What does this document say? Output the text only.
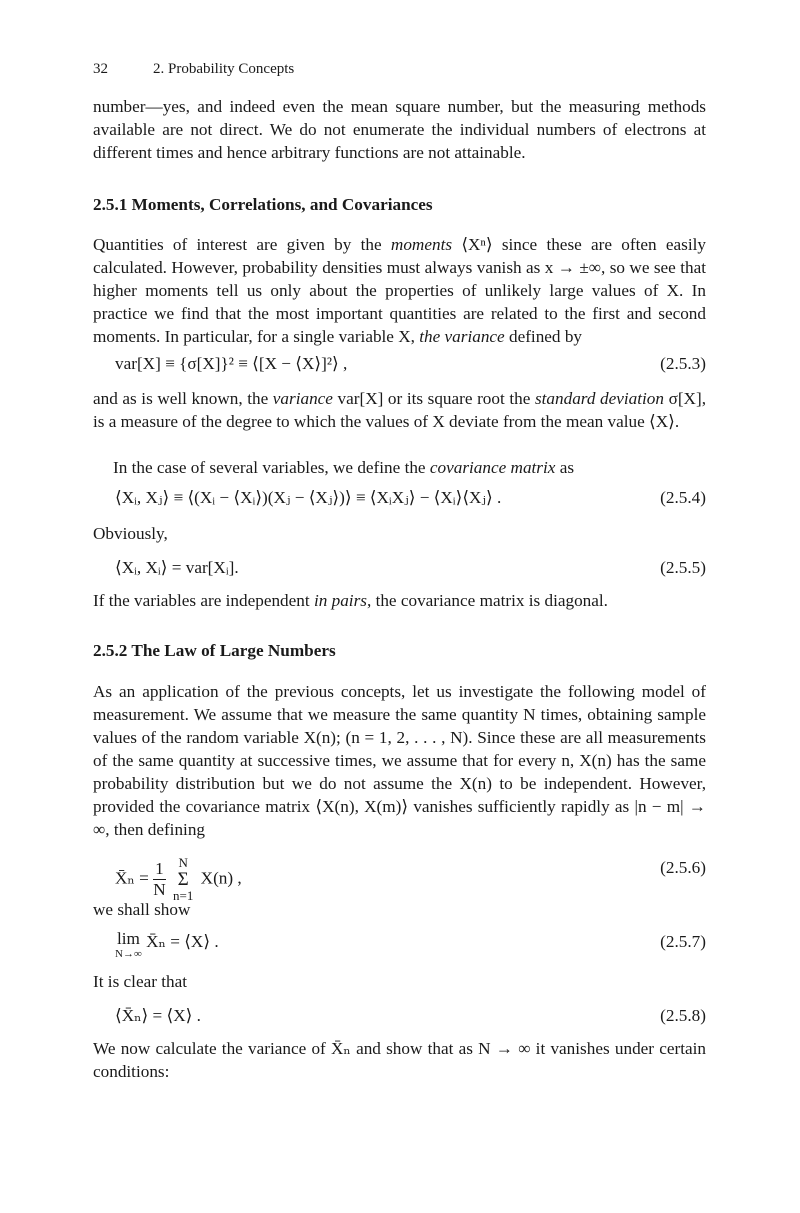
32	2. Probability Concepts

number—yes, and indeed even the mean square number, but the measuring methods available are not direct. We do not enumerate the individual numbers of electrons at different times and hence arbitrary functions are not attainable.

2.5.1 Moments, Correlations, and Covariances

Quantities of interest are given by the moments ⟨Xⁿ⟩ since these are often easily calculated. However, probability densities must always vanish as x → ±∞, so we see that higher moments tell us only about the properties of unlikely large values of X. In practice we find that the most important quantities are related to the first and second moments. In particular, for a single variable X, the variance defined by

var[X] ≡ {σ[X]}² ≡ ⟨[X − ⟨X⟩]²⟩ ,	(2.5.3)

and as is well known, the variance var[X] or its square root the standard deviation σ[X], is a measure of the degree to which the values of X deviate from the mean value ⟨X⟩.

In the case of several variables, we define the covariance matrix as

⟨Xᵢ, Xⱼ⟩ ≡ ⟨(Xᵢ − ⟨Xᵢ⟩)(Xⱼ − ⟨Xⱼ⟩)⟩ ≡ ⟨XᵢXⱼ⟩ − ⟨Xᵢ⟩⟨Xⱼ⟩ .	(2.5.4)
Obviously,
⟨Xᵢ, Xᵢ⟩ = var[Xᵢ].	(2.5.5)

If the variables are independent in pairs, the covariance matrix is diagonal.

2.5.2 The Law of Large Numbers

As an application of the previous concepts, let us investigate the following model of measurement. We assume that we measure the same quantity N times, obtaining sample values of the random variable X(n); (n = 1, 2, . . . , N). Since these are all measurements of the same quantity at successive times, we assume that for every n, X(n) has the same probability distribution but we do not assume the X(n) to be independent. However, provided the covariance matrix ⟨X(n), X(m)⟩ vanishes sufficiently rapidly as |n − m| → ∞, then defining

X̄ₙ = $\frac{1}{N}$ N
Σ
n=1 X(n) ,
(2.5.6)
we shall show
lim
N→∞
X̄ₙ = ⟨X⟩ .	(2.5.7)
It is clear that
⟨X̄ₙ⟩ = ⟨X⟩ .	(2.5.8)

We now calculate the variance of X̄ₙ and show that as N → ∞ it vanishes under certain conditions:
